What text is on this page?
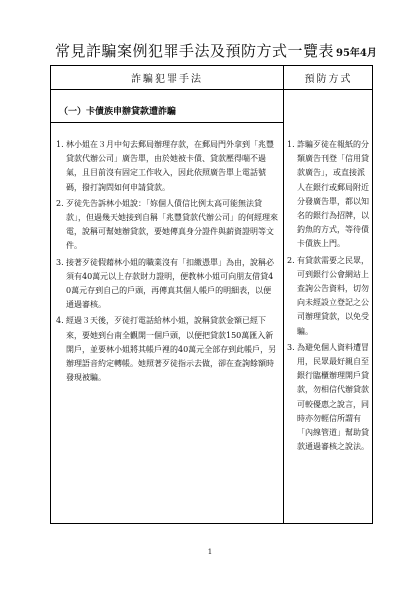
常見詐騙案例犯罪手法及預防方式一覽表 95年4月
詐騙犯罪手法	預防方式
（一）卡債族申辦貸款遭詐騙
1. 林小姐在３月中旬去郵局辦理存款，在郵局門外拿到「兆豐貸款代辦公司」廣告單，由於她被卡債、貸款壓得喘不過氣，且目前沒有固定工作收入，因此依照廣告單上電話號碼，撥打詢問如何申請貸款。
2. 歹徒先告訴林小姐說：「妳個人債信比例太高可能無法貸款」，但過幾天她接到自稱「兆豐貸款代辦公司」的何經理來電，說稱可幫她辦貸款，要她傳真身分證件與薪資證明等文件。
3. 接著歹徒假藉林小姐的職業沒有「扣繳憑單」為由，說稱必須有40萬元以上存款財力證明，便教林小姐可向朋友借貸40萬元存到自己的戶頭，再傳真其個人帳戶的明細表，以便通過審核。
4. 經過３天後，歹徒打電話給林小姐，說稱貸款金額已經下來，要她到台南全觀開一個戶頭，以便把貸款150萬匯入新開戶，並要林小姐將其帳戶裡的40萬元全部存到此帳戶，另辦理語音約定轉帳。她照著歹徒指示去做，卻在查詢餘額時發現被騙。
1. 詐騙歹徒在報紙的分類廣告刊登「信用貸款廣告」，或直接派人在銀行或郵局附近分發廣告單，都以知名的銀行為招牌，以釣魚的方式，等待債卡債族上門。
2. 有貸款需要之民眾，可到銀行公會網站上查詢公告資料，切勿向未經設立登記之公司辦理貸款，以免受騙。
3. 為避免個人資料遭冒用，民眾最好親自至銀行臨櫃辦理開戶貸款，勿相信代辦貸款可較優惠之說言，同時亦勿輕信所謂有「內線管道」幫助貸款通過審核之說法。
1
